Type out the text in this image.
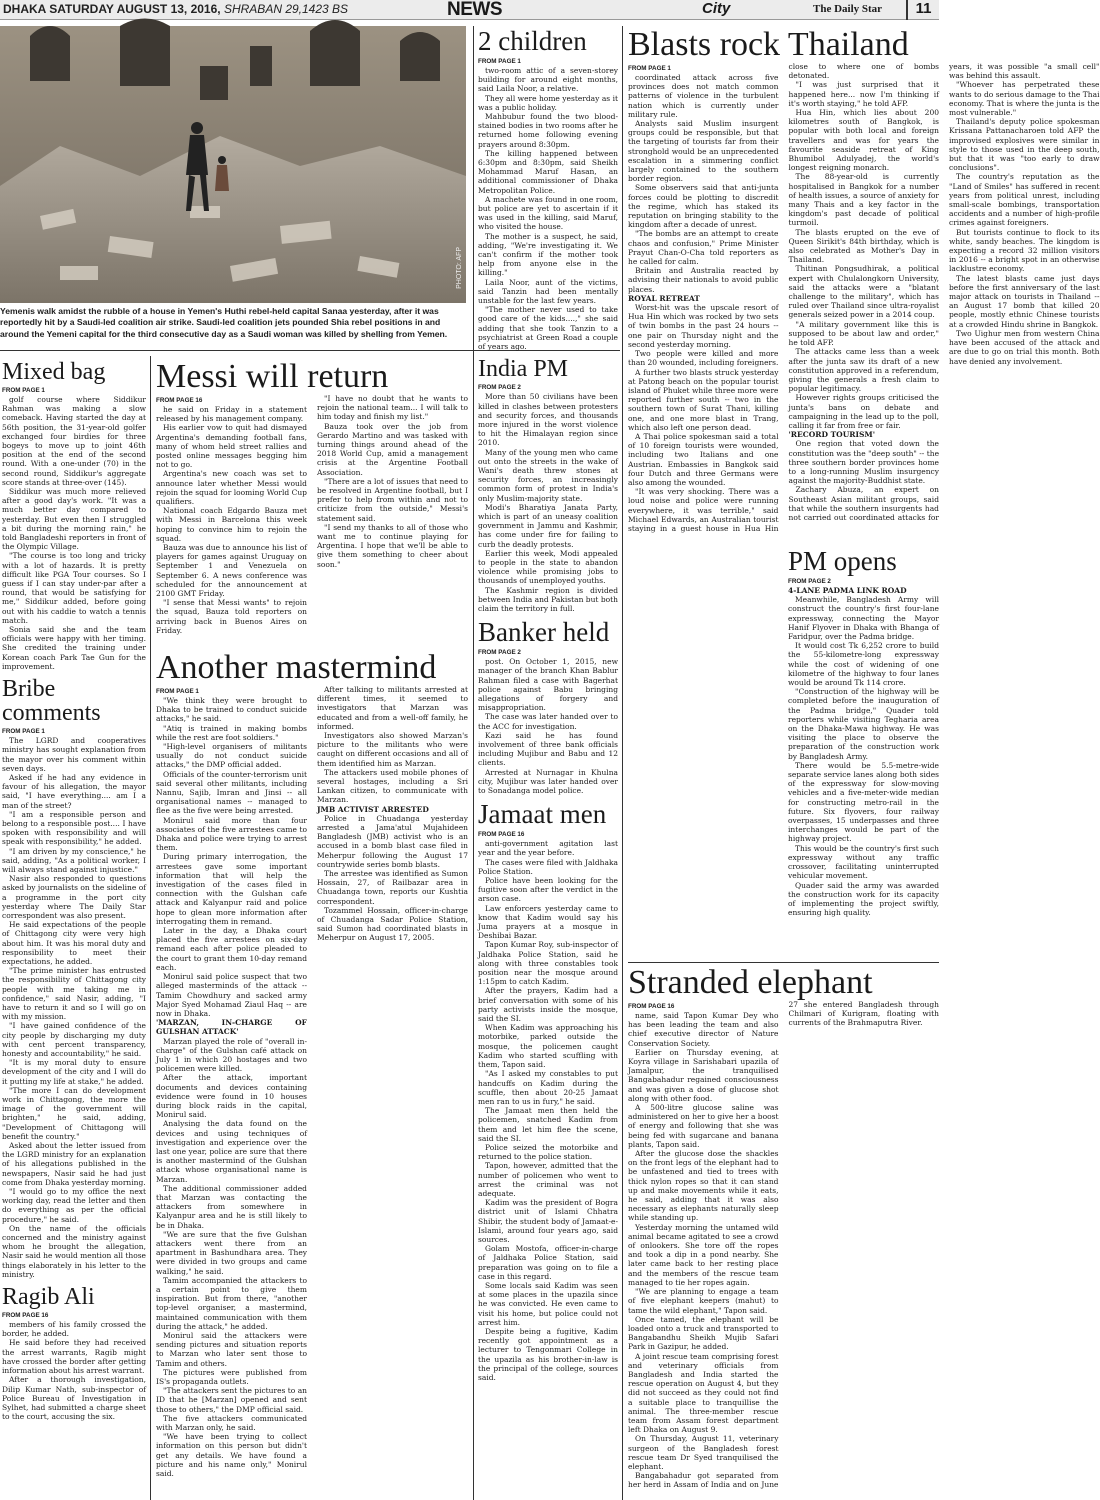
DHAKA SATURDAY AUGUST 13, 2016, SHRABAN 29,1423 BS	NEWS	City	The Daily Star	11
PHOTO: AFP
Yemenis walk amidst the rubble of a house in Yemen's Huthi rebel-held capital Sanaa yesterday, after it was reportedly hit by a Saudi-led coalition air strike. Saudi-led coalition jets pounded Shia rebel positions in and around the Yemeni capital for the third consecutive day as a Saudi woman was killed by shelling from Yemen.
Mixed bag
FROM PAGE 1

golf course where Siddikur Rahman was making a slow comeback. Having started the day at 56th position, the 31-year-old golfer exchanged four birdies for three bogeys to move up to joint 46th position at the end of the second round. With a one-under (70) in the second round, Siddikur's aggregate score stands at three-over (145).

Siddikur was much more relieved after a good day's work. "It was a much better day compared to yesterday. But even then I struggled a bit during the morning rain," he told Bangladeshi reporters in front of the Olympic Village.

"The course is too long and tricky with a lot of hazards. It is pretty difficult like PGA Tour courses. So I guess if I can stay under-par after a round, that would be satisfying for me," Siddikur added, before going out with his caddie to watch a tennis match.

Sonia said she and the team officials were happy with her timing. She credited the training under Korean coach Park Tae Gun for the improvement.

Bribe comments
FROM PAGE 1

The LGRD and cooperatives ministry has sought explanation from the mayor over his comment within seven days.

Asked if he had any evidence in favour of his allegation, the mayor said, "I have everything.... am I a man of the street?

"I am a responsible person and belong to a responsible post.... I have spoken with responsibility and will speak with responsibility," he added.

"I am driven by my conscience," he said, adding, "As a political worker, I will always stand against injustice."

Nasir also responded to questions asked by journalists on the sideline of a programme in the port city yesterday where The Daily Star correspondent was also present.

He said expectations of the people of Chittagong city were very high about him. It was his moral duty and responsibility to meet their expectations, he added.

"The prime minister has entrusted the responsibility of Chittagong city people with me taking me in confidence," said Nasir, adding, "I have to return it and so I will go on with my mission.

"I have gained confidence of the city people by discharging my duty with cent percent transparency, honesty and accountability," he said.

"It is my moral duty to ensure development of the city and I will do it putting my life at stake," he added.

"The more I can do development work in Chittagong, the more the image of the government will brighten," he said, adding, "Development of Chittagong will benefit the country."

Asked about the letter issued from the LGRD ministry for an explanation of his allegations published in the newspapers, Nasir said he had just come from Dhaka yesterday morning.

"I would go to my office the next working day, read the letter and then do everything as per the official procedure," he said.

On the name of the officials concerned and the ministry against whom he brought the allegation, Nasir said he would mention all those things elaborately in his letter to the ministry.

Ragib Ali
FROM PAGE 16

members of his family crossed the border, he added.

He said before they had received the arrest warrants, Ragib might have crossed the border after getting information about his arrest warrant.

After a thorough investigation, Dilip Kumar Nath, sub-inspector of Police Bureau of Investigation in Sylhet, had submitted a charge sheet to the court, accusing the six.

Messi will return
FROM PAGE 16

he said on Friday in a statement released by his management company.

His earlier vow to quit had dismayed Argentina's demanding football fans, many of whom held street rallies and posted online messages begging him not to go.

Argentina's new coach was set to announce later whether Messi would rejoin the squad for looming World Cup qualifiers.

National coach Edgardo Bauza met with Messi in Barcelona this week hoping to convince him to rejoin the squad.

Bauza was due to announce his list of players for games against Uruguay on September 1 and Venezuela on September 6. A news conference was scheduled for the announcement at 2100 GMT Friday.

"I sense that Messi wants" to rejoin the squad, Bauza told reporters on arriving back in Buenos Aires on Friday.

"I have no doubt that he wants to rejoin the national team... I will talk to him today and finish my list."

Bauza took over the job from Gerardo Martino and was tasked with turning things around ahead of the 2018 World Cup, amid a management crisis at the Argentine Football Association.

"There are a lot of issues that need to be resolved in Argentine football, but I prefer to help from within and not to criticize from the outside," Messi's statement said.

"I send my thanks to all of those who want me to continue playing for Argentina. I hope that we'll be able to give them something to cheer about soon."

Another mastermind
FROM PAGE 1

"We think they were brought to Dhaka to be trained to conduct suicide attacks," he said.

"Atiq is trained in making bombs while the rest are foot soldiers."

"High-level organisers of militants usually do not conduct suicide attacks," the DMP official added.

Officials of the counter-terrorism unit said several other militants, including Nannu, Sajib, Imran and Jinsi -- all organisational names -- managed to flee as the five were being arrested.

Monirul said more than four associates of the five arrestees came to Dhaka and police were trying to arrest them.

During primary interrogation, the arrestees gave some important information that will help the investigation of the cases filed in connection with the Gulshan cafe attack and Kalyanpur raid and police hope to glean more information after interrogating them in remand.

Later in the day, a Dhaka court placed the five arrestees on six-day remand each after police pleaded to the court to grant them 10-day remand each.

Monirul said police suspect that two alleged masterminds of the attack -- Tamim Chowdhury and sacked army Major Syed Mohamad Ziaul Haq -- are now in Dhaka.

'MARZAN, IN-CHARGE OF GULSHAN ATTACK'

Marzan played the role of "overall in-charge" of the Gulshan café attack on July 1 in which 20 hostages and two policemen were killed.

After the attack, important documents and devices containing evidence were found in 10 houses during block raids in the capital, Monirul said.

Analysing the data found on the devices and using techniques of investigation and experience over the last one year, police are sure that there is another mastermind of the Gulshan attack whose organisational name is Marzan.

The additional commissioner added that Marzan was contacting the attackers from somewhere in Kalyanpur area and he is still likely to be in Dhaka.

"We are sure that the five Gulshan attackers went there from an apartment in Bashundhara area. They were divided in two groups and came walking," he said.

Tamim accompanied the attackers to a certain point to give them inspiration. But from there, "another top-level organiser, a mastermind, maintained communication with them during the attack," he added.

Monirul said the attackers were sending pictures and situation reports to Marzan who later sent those to Tamim and others.

The pictures were published from IS's propaganda outlets.

"The attackers sent the pictures to an ID that he [Marzan] opened and sent those to others," the DMP official said.

The five attackers communicated with Marzan only, he said.

"We have been trying to collect information on this person but didn't get any details. We have found a picture and his name only," Monirul said.

After talking to militants arrested at different times, it seemed to investigators that Marzan was educated and from a well-off family, he informed.

Investigators also showed Marzan's picture to the militants who were caught on different occasions and all of them identified him as Marzan.

The attackers used mobile phones of several hostages, including a Sri Lankan citizen, to communicate with Marzan.

JMB ACTIVIST ARRESTED

Police in Chuadanga yesterday arrested a Jama'atul Mujahideen Bangladesh (JMB) activist who is an accused in a bomb blast case filed in Meherpur following the August 17 countrywide series bomb blasts.

The arrestee was identified as Sumon Hossain, 27, of Railbazar area in Chuadanga town, reports our Kushtia correspondent.

Tozammel Hossain, officer-in-charge of Chuadanga Sadar Police Station, said Sumon had coordinated blasts in Meherpur on August 17, 2005.

2 children
FROM PAGE 1

two-room attic of a seven-storey building for around eight months, said Laila Noor, a relative.

They all were home yesterday as it was a public holiday.

Mahbubur found the two blood-stained bodies in two rooms after he returned home following evening prayers around 8:30pm.

The killing happened between 6:30pm and 8:30pm, said Sheikh Mohammad Maruf Hasan, an additional commissioner of Dhaka Metropolitan Police.

A machete was found in one room, but police are yet to ascertain if it was used in the killing, said Maruf, who visited the house.

The mother is a suspect, he said, adding, "We're investigating it. We can't confirm if the mother took help from anyone else in the killing."

Laila Noor, aunt of the victims, said Tanzin had been mentally unstable for the last few years.

"The mother never used to take good care of the kids....," she said adding that she took Tanzin to a psychiatrist at Green Road a couple of years ago.

India PM
FROM PAGE 2

More than 50 civilians have been killed in clashes between protesters and security forces, and thousands more injured in the worst violence to hit the Himalayan region since 2010.

Many of the young men who came out onto the streets in the wake of Wani's death threw stones at security forces, an increasingly common form of protest in India's only Muslim-majority state.

Modi's Bharatiya Janata Party, which is part of an uneasy coalition government in Jammu and Kashmir, has come under fire for failing to curb the deadly protests.

Earlier this week, Modi appealed to people in the state to abandon violence while promising jobs to thousands of unemployed youths.

The Kashmir region is divided between India and Pakistan but both claim the territory in full.

Banker held
FROM PAGE 2

post. On October 1, 2015, new manager of the branch Khan Bablur Rahman filed a case with Bagerhat police against Babu bringing allegations of forgery and misappropriation.

The case was later handed over to the ACC for investigation.

Kazi said he has found involvement of three bank officials including Mujibur and Babu and 12 clients.

Arrested at Nurnagar in Khulna city, Mujibur was later handed over to Sonadanga model police.

Jamaat men
FROM PAGE 16

anti-government agitation last year and the year before.

The cases were filed with Jaldhaka Police Station.

Police have been looking for the fugitive soon after the verdict in the arson case.

Law enforcers yesterday came to know that Kadim would say his Juma prayers at a mosque in Deshibai Bazar.

Tapon Kumar Roy, sub-inspector of Jaldhaka Police Station, said he along with three constables took position near the mosque around 1:15pm to catch Kadim.

After the prayers, Kadim had a brief conversation with some of his party activists inside the mosque, said the SI.

When Kadim was approaching his motorbike, parked outside the mosque, the policemen caught Kadim who started scuffling with them, Tapon said.

"As I asked my constables to put handcuffs on Kadim during the scuffle, then about 20-25 Jamaat men ran to us in fury," he said.

The Jamaat men then held the policemen, snatched Kadim from them and let him flee the scene, said the SI.

Police seized the motorbike and returned to the police station.

Tapon, however, admitted that the number of policemen who went to arrest the criminal was not adequate.

Kadim was the president of Bogra district unit of Islami Chhatra Shibir, the student body of Jamaat-e-Islami, around four years ago, said sources.

Golam Mostofa, officer-in-charge of Jaldhaka Police Station, said preparation was going on to file a case in this regard.

Some locals said Kadim was seen at some places in the upazila since he was convicted. He even came to visit his home, but police could not arrest him.

Despite being a fugitive, Kadim recently got appointment as a lecturer to Tengonmari College in the upazila as his brother-in-law is the principal of the college, sources said.

Blasts rock Thailand
FROM PAGE 1

coordinated attack across five provinces does not match common patterns of violence in the turbulent nation which is currently under military rule.

Analysts said Muslim insurgent groups could be responsible, but that the targeting of tourists far from their stronghold would be an unprecedented escalation in a simmering conflict largely contained to the southern border region.

Some observers said that anti-junta forces could be plotting to discredit the regime, which has staked its reputation on bringing stability to the kingdom after a decade of unrest.

"The bombs are an attempt to create chaos and confusion," Prime Minister Prayut Chan-O-Cha told reporters as he called for calm.

Britain and Australia reacted by advising their nationals to avoid public places.

ROYAL RETREAT

Worst-hit was the upscale resort of Hua Hin which was rocked by two sets of twin bombs in the past 24 hours -- one pair on Thursday night and the second yesterday morning.

Two people were killed and more than 20 wounded, including foreigners.

A further two blasts struck yesterday at Patong beach on the popular tourist island of Phuket while three more were reported further south -- two in the southern town of Surat Thani, killing one, and one more blast in Trang, which also left one person dead.

A Thai police spokesman said a total of 10 foreign tourists were wounded, including two Italians and one Austrian. Embassies in Bangkok said four Dutch and three Germans were also among the wounded.

"It was very shocking. There was a loud noise and police were running everywhere, it was terrible," said Michael Edwards, an Australian tourist staying in a guest house in Hua Hin close to where one of bombs detonated.

"I was just surprised that it happened here... now I'm thinking if it's worth staying," he told AFP.

Hua Hin, which lies about 200 kilometres south of Bangkok, is popular with both local and foreign travellers and was for years the favourite seaside retreat of King Bhumibol Adulyadej, the world's longest reigning monarch.

The 88-year-old is currently hospitalised in Bangkok for a number of health issues, a source of anxiety for many Thais and a key factor in the kingdom's past decade of political turmoil.

The blasts erupted on the eve of Queen Sirikit's 84th birthday, which is also celebrated as Mother's Day in Thailand.

Thitinan Pongsudhirak, a political expert with Chulalongkorn University, said the attacks were a "blatant challenge to the military", which has ruled over Thailand since ultra-royalist generals seized power in a 2014 coup.

"A military government like this is supposed to be about law and order," he told AFP.

The attacks came less than a week after the junta saw its draft of a new constitution approved in a referendum, giving the generals a fresh claim to popular legitimacy.

However rights groups criticised the junta's bans on debate and campaigning in the lead up to the poll, calling it far from free or fair.

'RECORD TOURISM'

One region that voted down the constitution was the "deep south" -- the three southern border provinces home to a long-running Muslim insurgency against the majority-Buddhist state.

Zachary Abuza, an expert on Southeast Asian militant groups, said that while the southern insurgents had not carried out coordinated attacks for years, it was possible "a small cell" was behind this assault.

"Whoever has perpetrated these wants to do serious damage to the Thai economy. That is where the junta is the most vulnerable."

Thailand's deputy police spokesman Krissana Pattanacharoen told AFP the improvised explosives were similar in style to those used in the deep south, but that it was "too early to draw conclusions".

The country's reputation as the "Land of Smiles" has suffered in recent years from political unrest, including small-scale bombings, transportation accidents and a number of high-profile crimes against foreigners.

But tourists continue to flock to its white, sandy beaches. The kingdom is expecting a record 32 million visitors in 2016 -- a bright spot in an otherwise lacklustre economy.

The latest blasts came just days before the first anniversary of the last major attack on tourists in Thailand -- an August 17 bomb that killed 20 people, mostly ethnic Chinese tourists at a crowded Hindu shrine in Bangkok.

Two Uighur men from western China have been accused of the attack and are due to go on trial this month. Both have denied any involvement.

PM opens
FROM PAGE 2

4-LANE PADMA LINK ROAD

Meanwhile, Bangladesh Army will construct the country's first four-lane expressway, connecting the Mayor Hanif Flyover in Dhaka with Bhanga of Faridpur, over the Padma bridge.

It would cost Tk 6,252 crore to build the 55-kilometre-long expressway while the cost of widening of one kilometre of the highway to four lanes would be around Tk 114 crore.

"Construction of the highway will be completed before the inauguration of the Padma bridge," Quader told reporters while visiting Tegharia area on the Dhaka-Mawa highway. He was visiting the place to observe the preparation of the construction work by Bangladesh Army.

There would be 5.5-metre-wide separate service lanes along both sides of the expressway for slow-moving vehicles and a five-meter-wide median for constructing metro-rail in the future. Six flyovers, four railway overpasses, 15 underpasses and three interchanges would be part of the highway project.

This would be the country's first such expressway without any traffic crossover, facilitating uninterrupted vehicular movement.

Quader said the army was awarded the construction work for its capacity of implementing the project swiftly, ensuring high quality.

Stranded elephant
FROM PAGE 16

name, said Tapon Kumar Dey who has been leading the team and also chief executive director of Nature Conservation Society.

Earlier on Thursday evening, at Koyra village in Sarishabari upazila of Jamalpur, the tranquilised Bangabahadur regained consciousness and was given a dose of glucose shot along with other food.

A 500-litre glucose saline was administered on her to give her a boost of energy and following that she was being fed with sugarcane and banana plants, Tapon said.

After the glucose dose the shackles on the front legs of the elephant had to be unfastened and tied to trees with thick nylon ropes so that it can stand up and make movements while it eats, he said, adding that it was also necessary as elephants naturally sleep while standing up.

Yesterday morning the untamed wild animal became agitated to see a crowd of onlookers. She tore off the ropes and took a dip in a pond nearby. She later came back to her resting place and the members of the rescue team managed to tie her ropes again.

"We are planning to engage a team of five elephant keepers (mahut) to tame the wild elephant," Tapon said.

Once tamed, the elephant will be loaded onto a truck and transported to Bangabandhu Sheikh Mujib Safari Park in Gazipur, he added.

A joint rescue team comprising forest and veterinary officials from Bangladesh and India started the rescue operation on August 4, but they did not succeed as they could not find a suitable place to tranquillise the animal. The three-member rescue team from Assam forest department left Dhaka on August 9.

On Thursday, August 11, veterinary surgeon of the Bangladesh forest rescue team Dr Syed tranquilised the elephant.

Bangabahadur got separated from her herd in Assam of India and on June 27 she entered Bangladesh through Chilmari of Kurigram, floating with currents of the Brahmaputra River.
